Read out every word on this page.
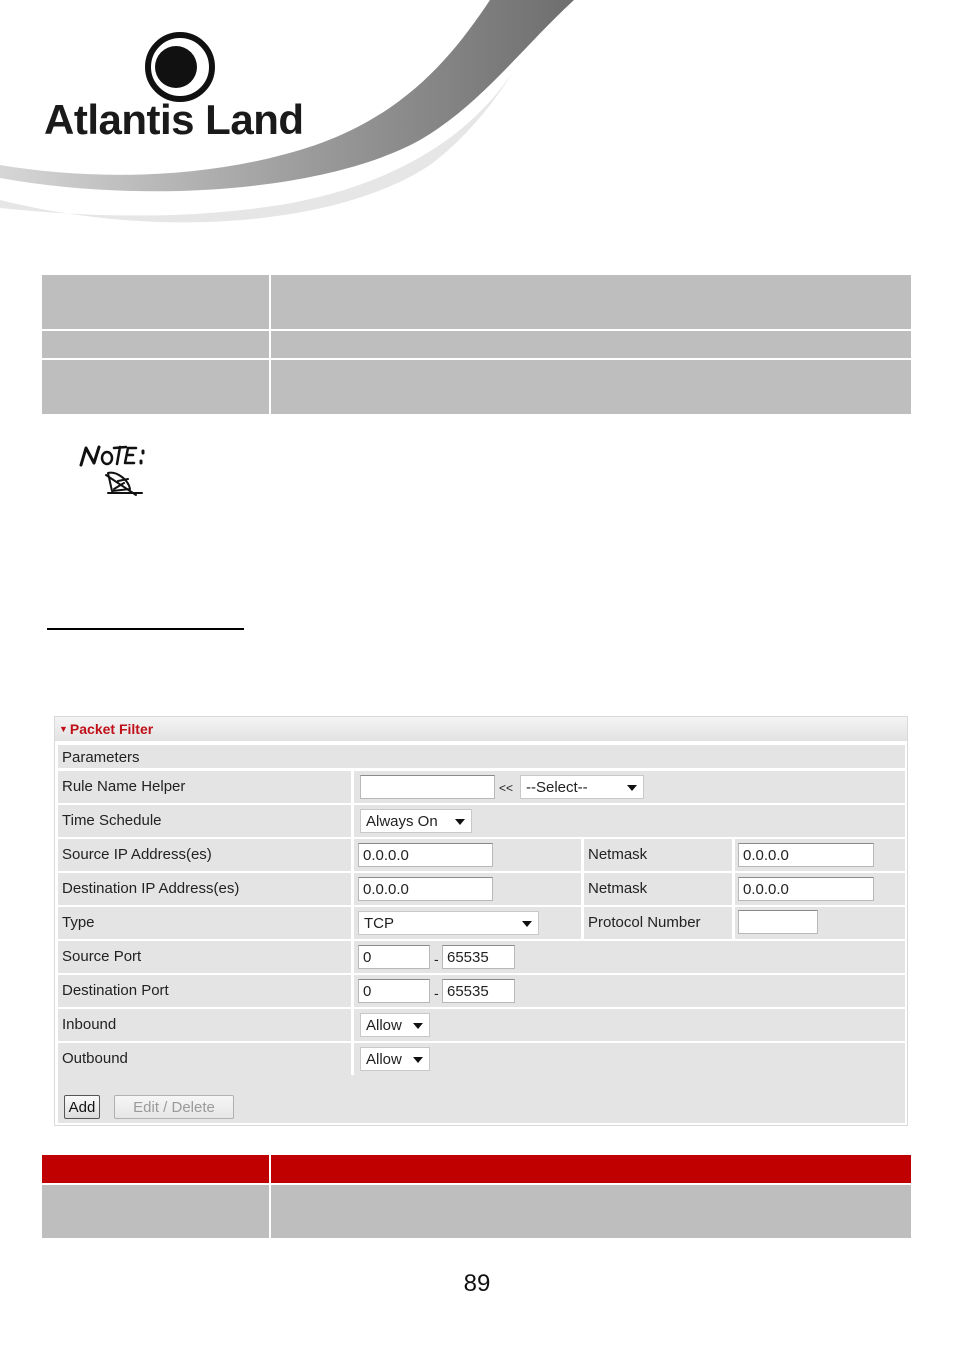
Atlantis Land
▼ Packet Filter
Parameters
Rule Name Helper	<< --Select--
Time Schedule	Always On
Source IP Address(es)	0.0.0.0	Netmask	0.0.0.0
Destination IP Address(es)	0.0.0.0	Netmask	0.0.0.0
Type	TCP	Protocol Number
Source Port	0	- 65535
Destination Port	0	- 65535
Inbound	Allow
Outbound	Allow
Add	Edit / Delete
89
